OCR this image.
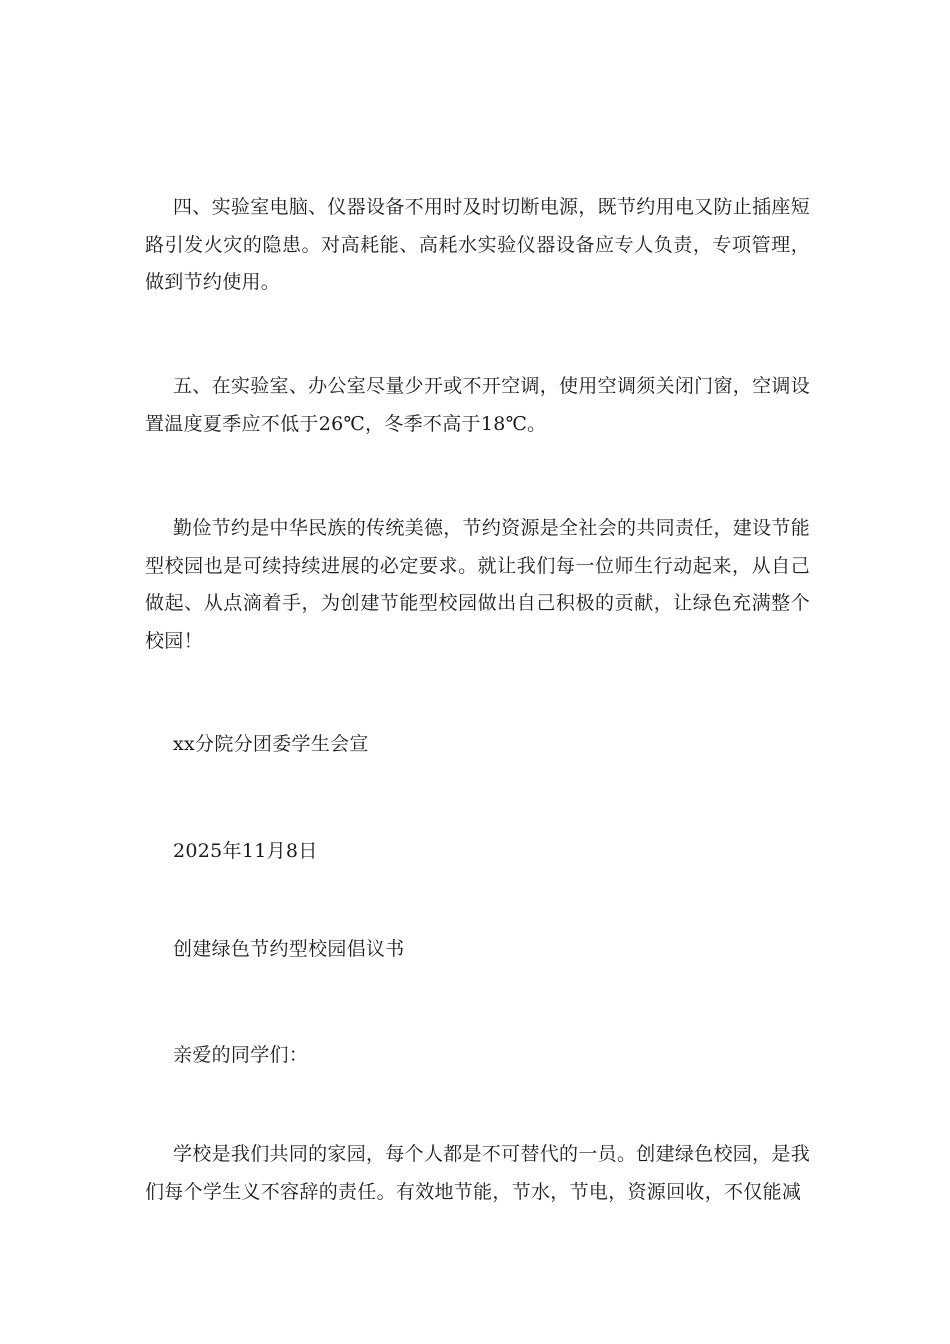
四、实验室电脑、仪器设备不用时及时切断电源，既节约用电又防止插座短路引发火灾的隐患。对高耗能、高耗水实验仪器设备应专人负责，专项管理，做到节约使用。

五、在实验室、办公室尽量少开或不开空调，使用空调须关闭门窗，空调设置温度夏季应不低于26℃，冬季不高于18℃。

勤俭节约是中华民族的传统美德，节约资源是全社会的共同责任，建设节能型校园也是可续持续进展的必定要求。就让我们每一位师生行动起来，从自己做起、从点滴着手，为创建节能型校园做出自己积极的贡献，让绿色充满整个校园！

xx分院分团委学生会宣

2025年11月8日

创建绿色节约型校园倡议书

亲爱的同学们：

学校是我们共同的家园，每个人都是不可替代的一员。创建绿色校园，是我们每个学生义不容辞的责任。有效地节能，节水，节电，资源回收，不仅能减
